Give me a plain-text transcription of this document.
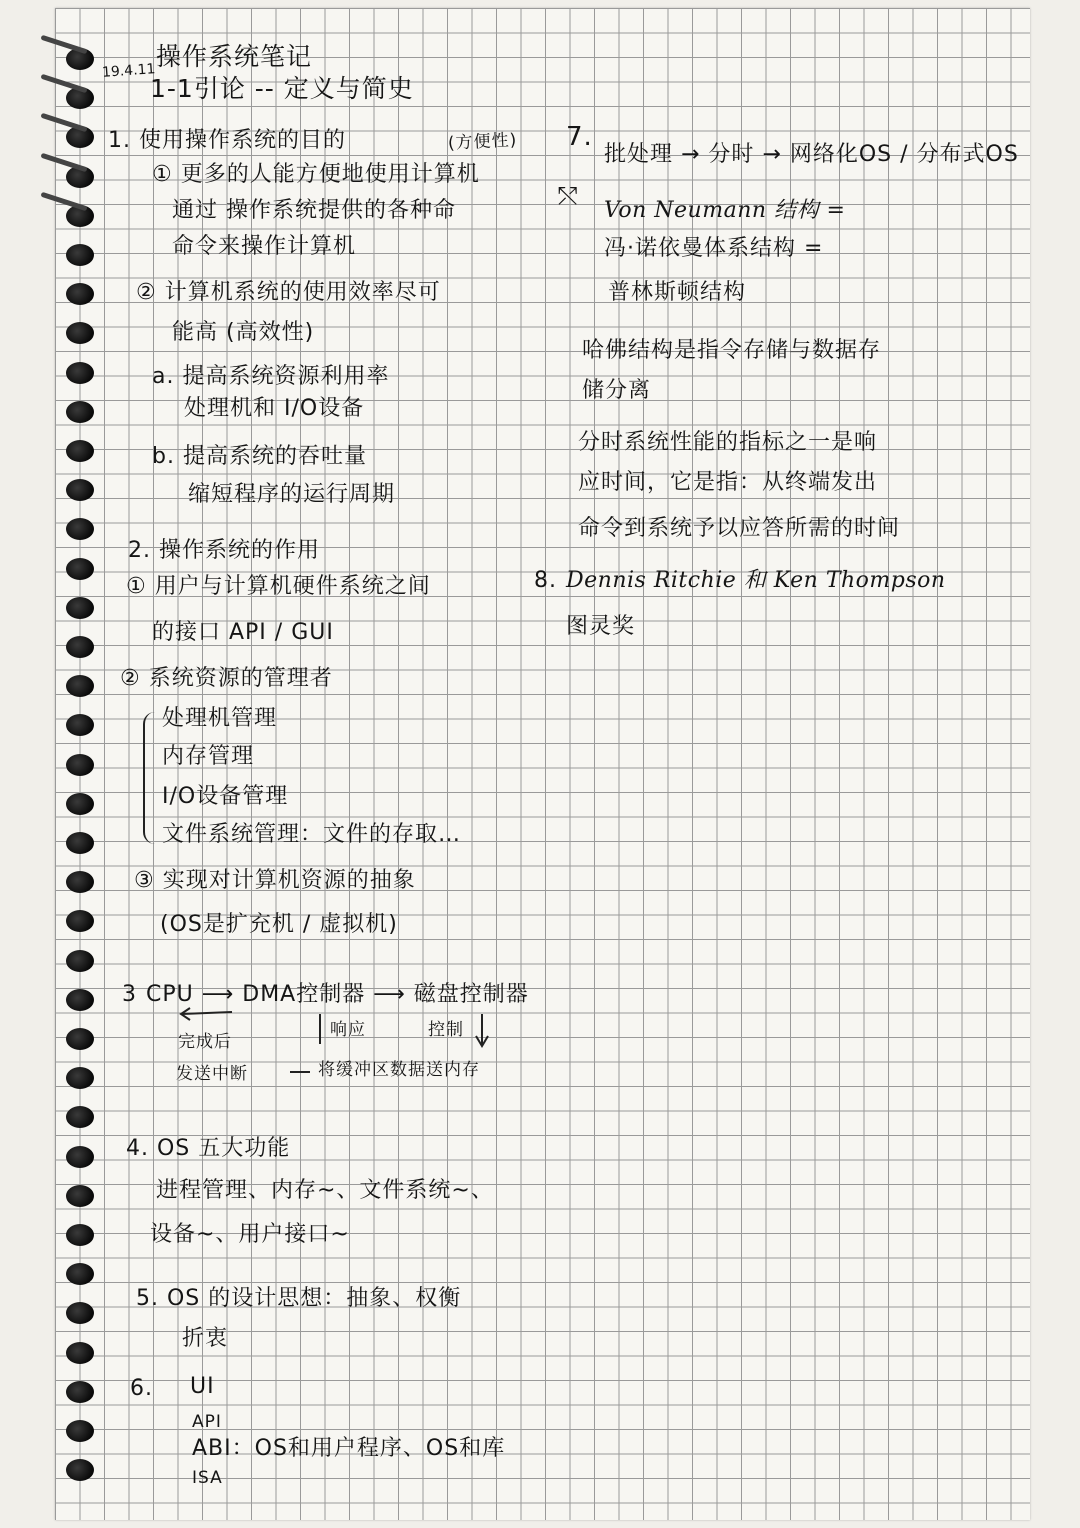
19.4.11 操作系统笔记
1-1引论 -- 定义与简史
1. 使用操作系统的目的	(方便性)
① 更多的人能方便地使用计算机
通过 操作系统提供的各种命
命令来操作计算机
② 计算机系统的使用效率尽可
能高 (高效性)
a. 提高系统资源利用率
处理机和 I/O设备
b. 提高系统的吞吐量
缩短程序的运行周期
2. 操作系统的作用
① 用户与计算机硬件系统之间
的接口 API / GUI
② 系统资源的管理者
处理机管理
内存管理
I/O设备管理
文件系统管理：文件的存取…
③ 实现对计算机资源的抽象
(OS是扩充机 / 虚拟机)
3 CPU ⟶ DMA控制器 ⟶ 磁盘控制器
完成后
发送中断
响应	控制
将缓冲区数据送内存
4. OS 五大功能
进程管理、内存~、文件系统~、
设备~、用户接口~
5. OS 的设计思想：抽象、权衡
折衷
6. UI
API
ABI：OS和用户程序、OS和库
ISA
7.
批处理 → 分时 → 网络化OS / 分布式OS
⤲
Von Neumann 结构 =
冯·诺依曼体系结构 =
普林斯顿结构
哈佛结构是指令存储与数据存
储分离
分时系统性能的指标之一是响
应时间，它是指：从终端发出
命令到系统予以应答所需的时间
8. Dennis Ritchie 和 Ken Thompson
图灵奖
